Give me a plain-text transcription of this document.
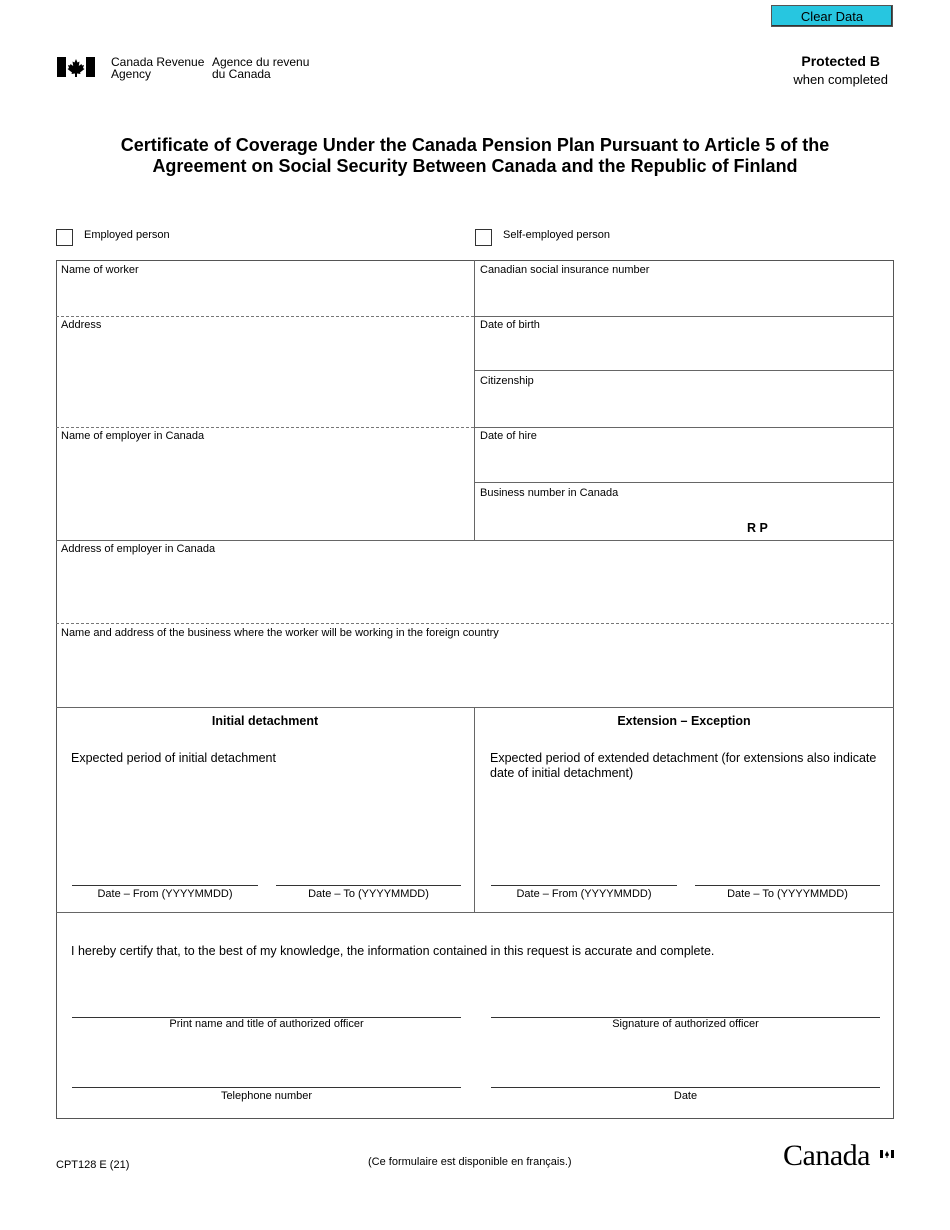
Clear Data
Canada Revenue
Agency
Agence du revenu
du Canada
Protected B
when completed
Certificate of Coverage Under the Canada Pension Plan Pursuant to Article 5 of the
Agreement on Social Security Between Canada and the Republic of Finland
Employed person	Self-employed person
Name of worker	Canadian social insurance number
Address	Date of birth
Citizenship
Name of employer in Canada	Date of hire
Business number in Canada
R P
Address of employer in Canada
Name and address of the business where the worker will be working in the foreign country
Initial detachment
Expected period of initial detachment
Extension – Exception
Expected period of extended detachment (for extensions also indicate date of initial detachment)
Date – From (YYYYMMDD)	Date – To (YYYYMMDD)	Date – From (YYYYMMDD)	Date – To (YYYYMMDD)
I hereby certify that, to the best of my knowledge, the information contained in this request is accurate and complete.
Print name and title of authorized officer	Signature of authorized officer
Telephone number	Date
CPT128 E (21)	(Ce formulaire est disponible en français.)	Canada
